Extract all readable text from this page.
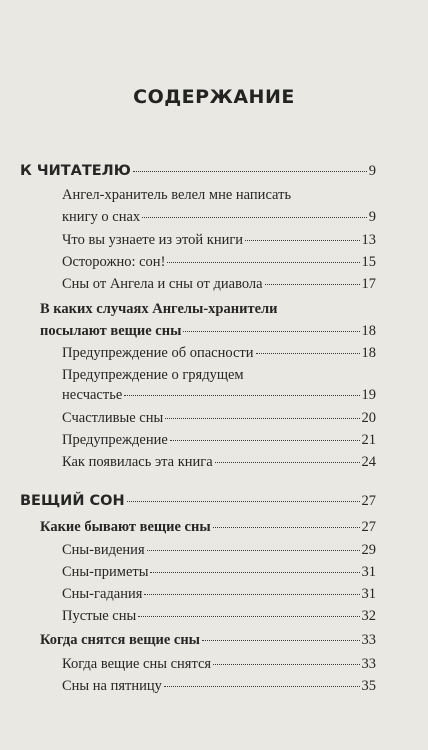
СОДЕРЖАНИЕ
К ЧИТАТЕЛЮ	9
Ангел-хранитель велел мне написать
книгу о снах	9
Что вы узнаете из этой книги	13
Осторожно: сон!	15
Сны от Ангела и сны от диавола	17
В каких случаях Ангелы-хранители
посылают вещие сны	18
Предупреждение об опасности	18
Предупреждение о грядущем
несчастье	19
Счастливые сны	20
Предупреждение	21
Как появилась эта книга	24
ВЕЩИЙ СОН	27
Какие бывают вещие сны	27
Сны-видения	29
Сны-приметы	31
Сны-гадания	31
Пустые сны	32
Когда снятся вещие сны	33
Когда вещие сны снятся	33
Сны на пятницу	35
